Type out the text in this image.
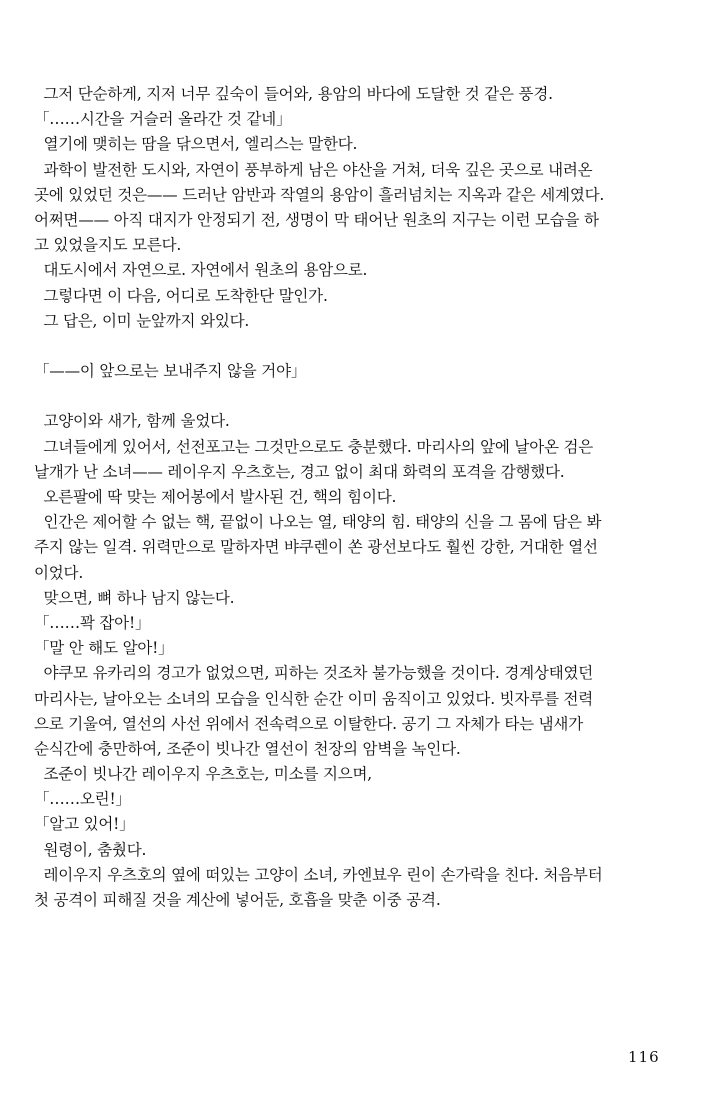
그저 단순하게, 지저 너무 깊숙이 들어와, 용암의 바다에 도달한 것 같은 풍경.
「……시간을 거슬러 올라간 것 같네」
열기에 맺히는 땀을 닦으면서, 엘리스는 말한다.
과학이 발전한 도시와, 자연이 풍부하게 남은 야산을 거쳐, 더욱 깊은 곳으로 내려온
곳에 있었던 것은—— 드러난 암반과 작열의 용암이 흘러넘치는 지옥과 같은 세계였다.
어쩌면—— 아직 대지가 안정되기 전, 생명이 막 태어난 원초의 지구는 이런 모습을 하
고 있었을지도 모른다.
대도시에서 자연으로. 자연에서 원초의 용암으로.
그렇다면 이 다음, 어디로 도착한단 말인가.
그 답은, 이미 눈앞까지 와있다.
「——이 앞으로는 보내주지 않을 거야」
고양이와 새가, 함께 울었다.
그녀들에게 있어서, 선전포고는 그것만으로도 충분했다. 마리사의 앞에 날아온 검은
날개가 난 소녀—— 레이우지 우츠호는, 경고 없이 최대 화력의 포격을 감행했다.
오른팔에 딱 맞는 제어봉에서 발사된 건, 핵의 힘이다.
인간은 제어할 수 없는 핵, 끝없이 나오는 열, 태양의 힘. 태양의 신을 그 몸에 담은 봐
주지 않는 일격. 위력만으로 말하자면 뱌쿠렌이 쏜 광선보다도 훨씬 강한, 거대한 열선
이었다.
맞으면, 뼈 하나 남지 않는다.
「……꽉 잡아!」
「말 안 해도 알아!」
야쿠모 유카리의 경고가 없었으면, 피하는 것조차 불가능했을 것이다. 경계상태였던
마리사는, 날아오는 소녀의 모습을 인식한 순간 이미 움직이고 있었다. 빗자루를 전력
으로 기울여, 열선의 사선 위에서 전속력으로 이탈한다. 공기 그 자체가 타는 냄새가
순식간에 충만하여, 조준이 빗나간 열선이 천장의 암벽을 녹인다.
조준이 빗나간 레이우지 우츠호는, 미소를 지으며,
「……오린!」
「알고 있어!」
원령이, 춤췄다.
레이우지 우츠호의 옆에 떠있는 고양이 소녀, 카엔뵤우 린이 손가락을 친다. 처음부터
첫 공격이 피해질 것을 계산에 넣어둔, 호흡을 맞춘 이중 공격.
116
